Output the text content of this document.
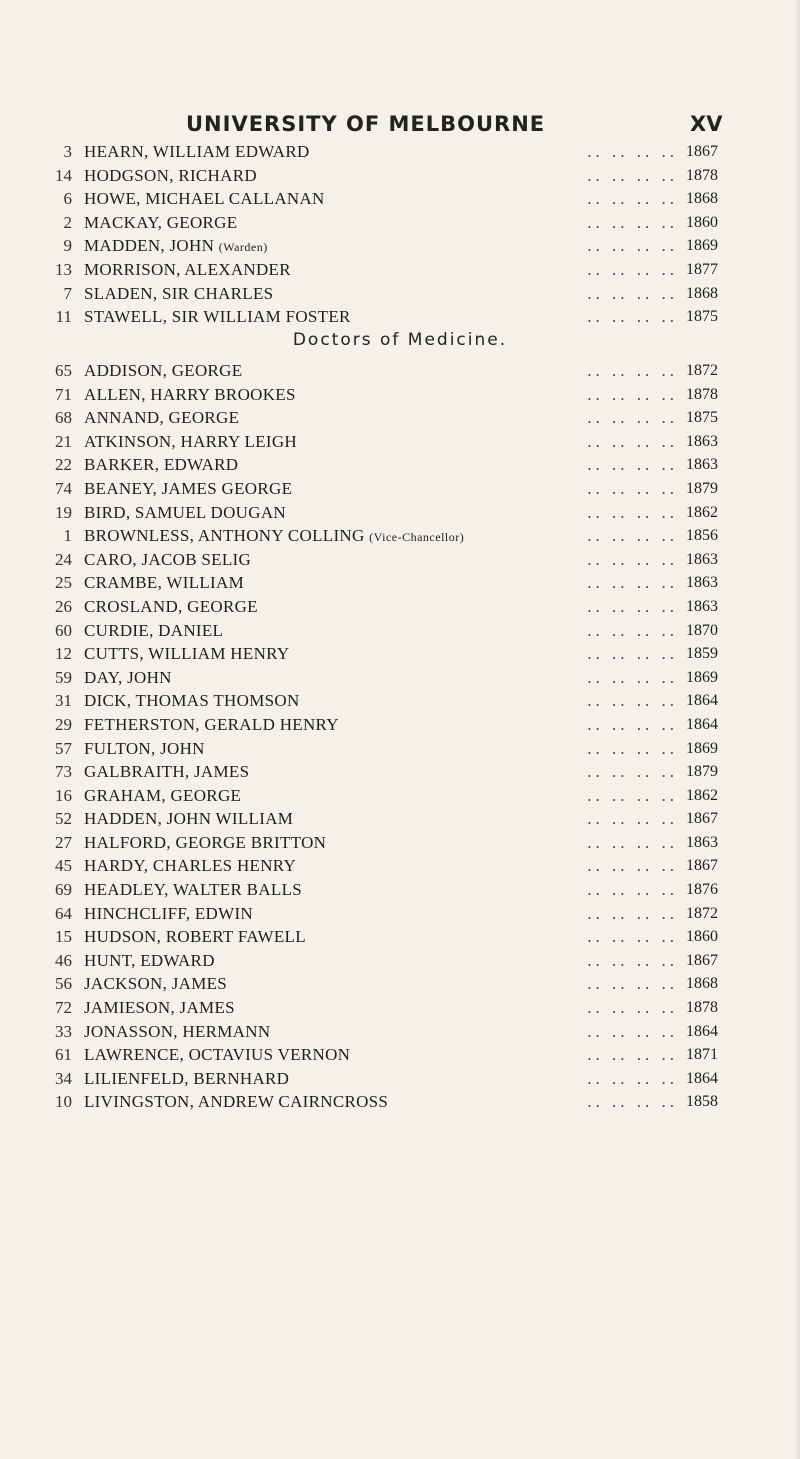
UNIVERSITY OF MELBOURNE	XV
3 HEARN, WILLIAM EDWARD	.. .. .. .. 1867
14 HODGSON, RICHARD	.. .. .. .. 1878
6 HOWE, MICHAEL CALLANAN	.. .. .. .. 1868
2 MACKAY, GEORGE	.. .. .. .. 1860
9 MADDEN, JOHN (Warden)	.. .. .. .. 1869
13 MORRISON, ALEXANDER	.. .. .. .. 1877
7 SLADEN, SIR CHARLES	.. .. .. .. 1868
11 STAWELL, SIR WILLIAM FOSTER	.. .. .. .. 1875
Doctors of Medicine.
65 ADDISON, GEORGE	.. .. .. .. 1872
71 ALLEN, HARRY BROOKES	.. .. .. .. 1878
68 ANNAND, GEORGE	.. .. .. .. 1875
21 ATKINSON, HARRY LEIGH	.. .. .. .. 1863
22 BARKER, EDWARD	.. .. .. .. 1863
74 BEANEY, JAMES GEORGE	.. .. .. .. 1879
19 BIRD, SAMUEL DOUGAN	.. .. .. .. 1862
1 BROWNLESS, ANTHONY COLLING (Vice-Chancellor)	.. .. .. .. 1856
24 CARO, JACOB SELIG	.. .. .. .. 1863
25 CRAMBE, WILLIAM	.. .. .. .. 1863
26 CROSLAND, GEORGE	.. .. .. .. 1863
60 CURDIE, DANIEL	.. .. .. .. 1870
12 CUTTS, WILLIAM HENRY	.. .. .. .. 1859
59 DAY, JOHN	.. .. .. .. 1869
31 DICK, THOMAS THOMSON	.. .. .. .. 1864
29 FETHERSTON, GERALD HENRY	.. .. .. .. 1864
57 FULTON, JOHN	.. .. .. .. 1869
73 GALBRAITH, JAMES	.. .. .. .. 1879
16 GRAHAM, GEORGE	.. .. .. .. 1862
52 HADDEN, JOHN WILLIAM	.. .. .. .. 1867
27 HALFORD, GEORGE BRITTON	.. .. .. .. 1863
45 HARDY, CHARLES HENRY	.. .. .. .. 1867
69 HEADLEY, WALTER BALLS	.. .. .. .. 1876
64 HINCHCLIFF, EDWIN	.. .. .. .. 1872
15 HUDSON, ROBERT FAWELL	.. .. .. .. 1860
46 HUNT, EDWARD	.. .. .. .. 1867
56 JACKSON, JAMES	.. .. .. .. 1868
72 JAMIESON, JAMES	.. .. .. .. 1878
33 JONASSON, HERMANN	.. .. .. .. 1864
61 LAWRENCE, OCTAVIUS VERNON	.. .. .. .. 1871
34 LILIENFELD, BERNHARD	.. .. .. .. 1864
10 LIVINGSTON, ANDREW CAIRNCROSS	.. .. .. .. 1858
